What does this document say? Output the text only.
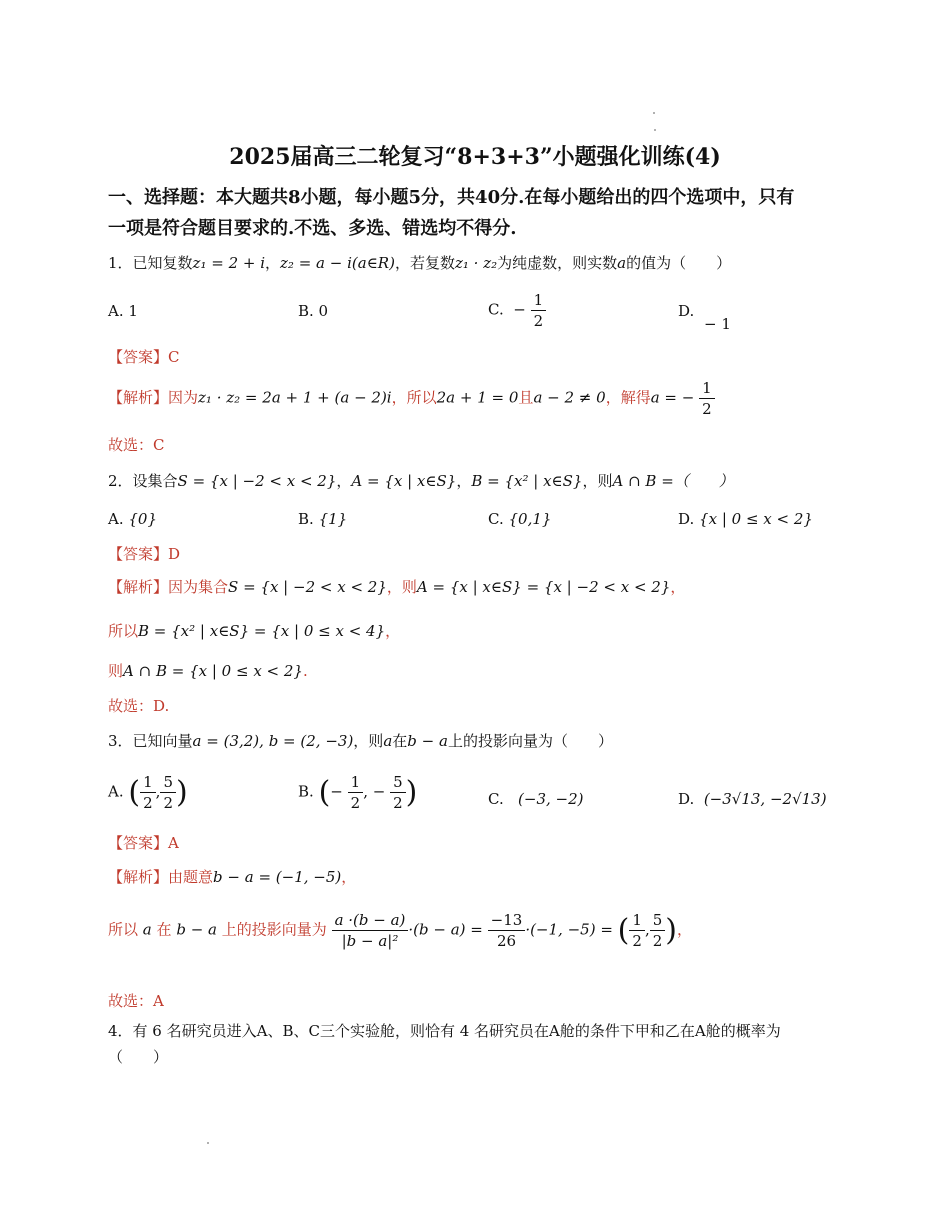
2025届高三二轮复习“8+3+3”小题强化训练(4)
一、选择题：本大题共8小题，每小题5分，共40分.在每小题给出的四个选项中，只有
一项是符合题目要求的.不选、多选、错选均不得分.
1．已知复数z₁ = 2 + i，z₂ = a − i(a∈R)，若复数z₁ · z₂为纯虚数，则实数a的值为（　　）
A. 1	B. 0	C. − $\frac{1}{2}$	D.
− 1
【答案】C
【解析】因为z₁ · z₂ = 2a + 1 + (a − 2)i，所以2a + 1 = 0且a − 2 ≠ 0，解得a = − $\frac{1}{2}$
故选：C
2．设集合S = {x | −2 < x < 2}，A = {x | x∈S}，B = {x² | x∈S}，则A ∩ B =（　　）
A. {0}	B. {1}	C. {0,1}	D. {x | 0 ≤ x < 2}
【答案】D
【解析】因为集合S = {x | −2 < x < 2}，则A = {x | x∈S} = {x | −2 < x < 2}，
所以B = {x² | x∈S} = {x | 0 ≤ x < 4}，
则A ∩ B = {x | 0 ≤ x < 2}.
故选：D.
3．已知向量a = (3,2), b = (2, −3)，则a在b − a上的投影向量为（　　）
A. ( $\frac{1}{2}$ , $\frac{5}{2}$ )	B. (− $\frac{1}{2}$ , − $\frac{5}{2}$ )	C. (−3, −2)	D. (−3√13, −2√13)
【答案】A
【解析】由题意b − a = (−1, −5)，
所以 a 在 b − a 上的投影向量为 $\frac{a \cdot(b - a)}{\text{|b − a|²}} \cdot(b - a) = \frac{-13}{26} \cdot(-1$, −5) = ( $\frac{1}{2}$ , $\frac{5}{2}$ )，
故选：A
4．有 6 名研究员进入A、B、C三个实验舱，则恰有 4 名研究员在A舱的条件下甲和乙在A舱的概率为
（　　）
